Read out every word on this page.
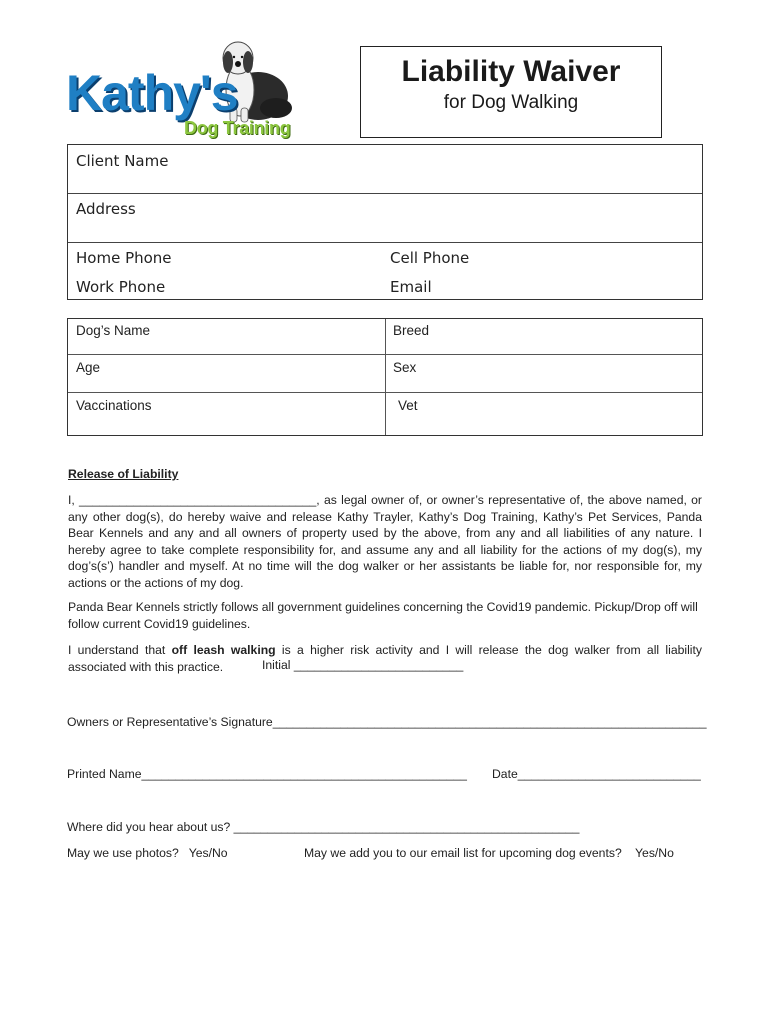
Kathy's
Dog Training
Liability Waiver
for Dog Walking
Client Name
Address
Home Phone	Cell Phone
Work Phone	Email
Dog’s Name	Breed
Age	Sex
Vaccinations	Vet
Release of Liability
I, ___________________________________, as legal owner of, or owner’s representative of, the above named, or any other dog(s), do hereby waive and release Kathy Trayler, Kathy’s Dog Training, Kathy’s Pet Services, Panda Bear Kennels and any and all owners of property used by the above, from any and all liabilities of any nature. I hereby agree to take complete responsibility for, and assume any and all liability for the actions of my dog(s), my dog’s(s’) handler and myself. At no time will the dog walker or her assistants be liable for, nor responsible for, my actions or the actions of my dog.
Panda Bear Kennels strictly follows all government guidelines concerning the Covid19 pandemic. Pickup/Drop off will follow current Covid19 guidelines.
I understand that off leash walking is a higher risk activity and I will release the dog walker from all liability associated with this practice.	Initial _________________________
Owners or Representative’s Signature________________________________________________________________
Printed Name________________________________________________ Date___________________________
Where did you hear about us? ___________________________________________________
May we use photos?   Yes/No	May we add you to our email list for upcoming dog events?    Yes/No
